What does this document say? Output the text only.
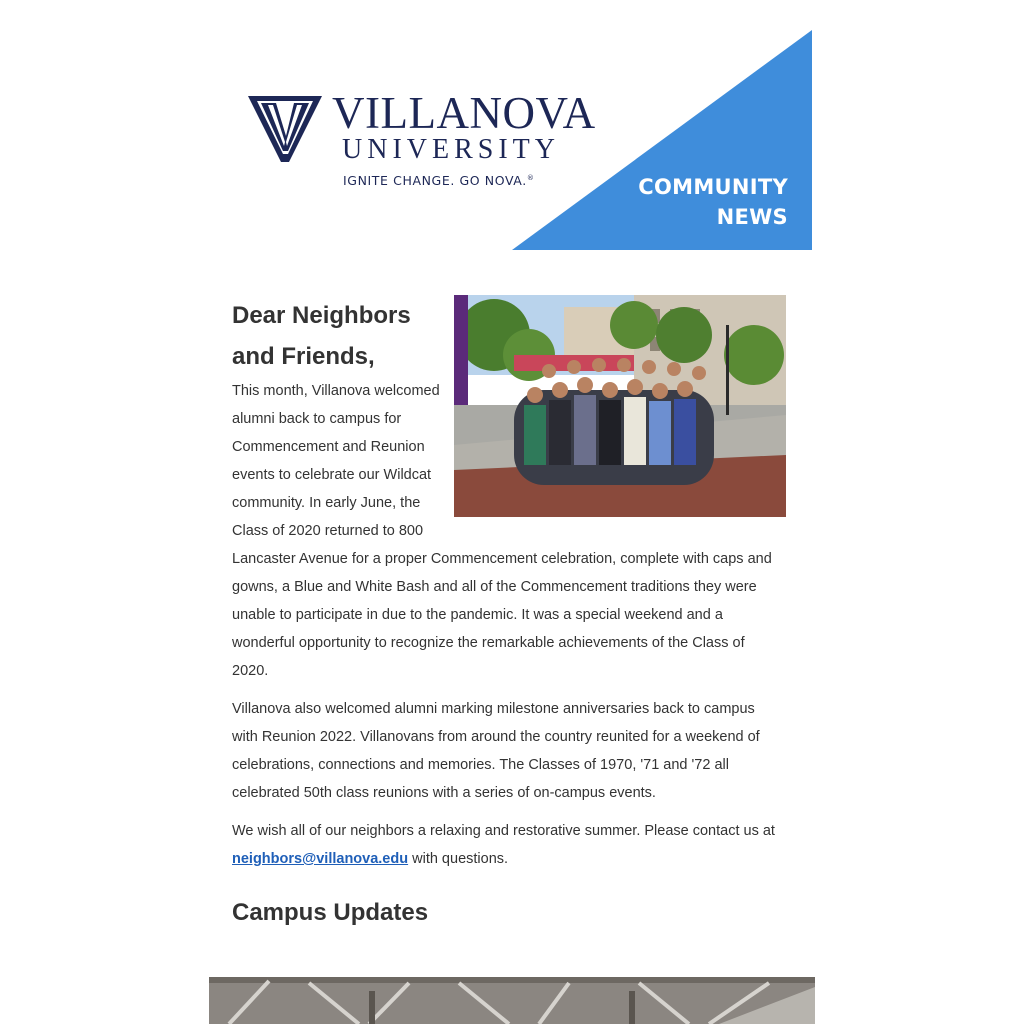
VILLANOVA
UNIVERSITY
IGNITE CHANGE. GO NOVA.®	COMMUNITY
NEWS
Dear Neighbors and Friends,

This month, Villanova welcomed alumni back to campus for Commencement and Reunion events to celebrate our Wildcat community. In early June, the Class of 2020 returned to 800 Lancaster Avenue for a proper Commencement celebration, complete with caps and gowns, a Blue and White Bash and all of the Commencement traditions they were unable to participate in due to the pandemic. It was a special weekend and a wonderful opportunity to recognize the remarkable achievements of the Class of 2020.

Villanova also welcomed alumni marking milestone anniversaries back to campus with Reunion 2022. Villanovans from around the country reunited for a weekend of celebrations, connections and memories. The Classes of 1970, '71 and '72 all celebrated 50th class reunions with a series of on-campus events.

We wish all of our neighbors a relaxing and restorative summer. Please contact us at neighbors@villanova.edu with questions.

Campus Updates
